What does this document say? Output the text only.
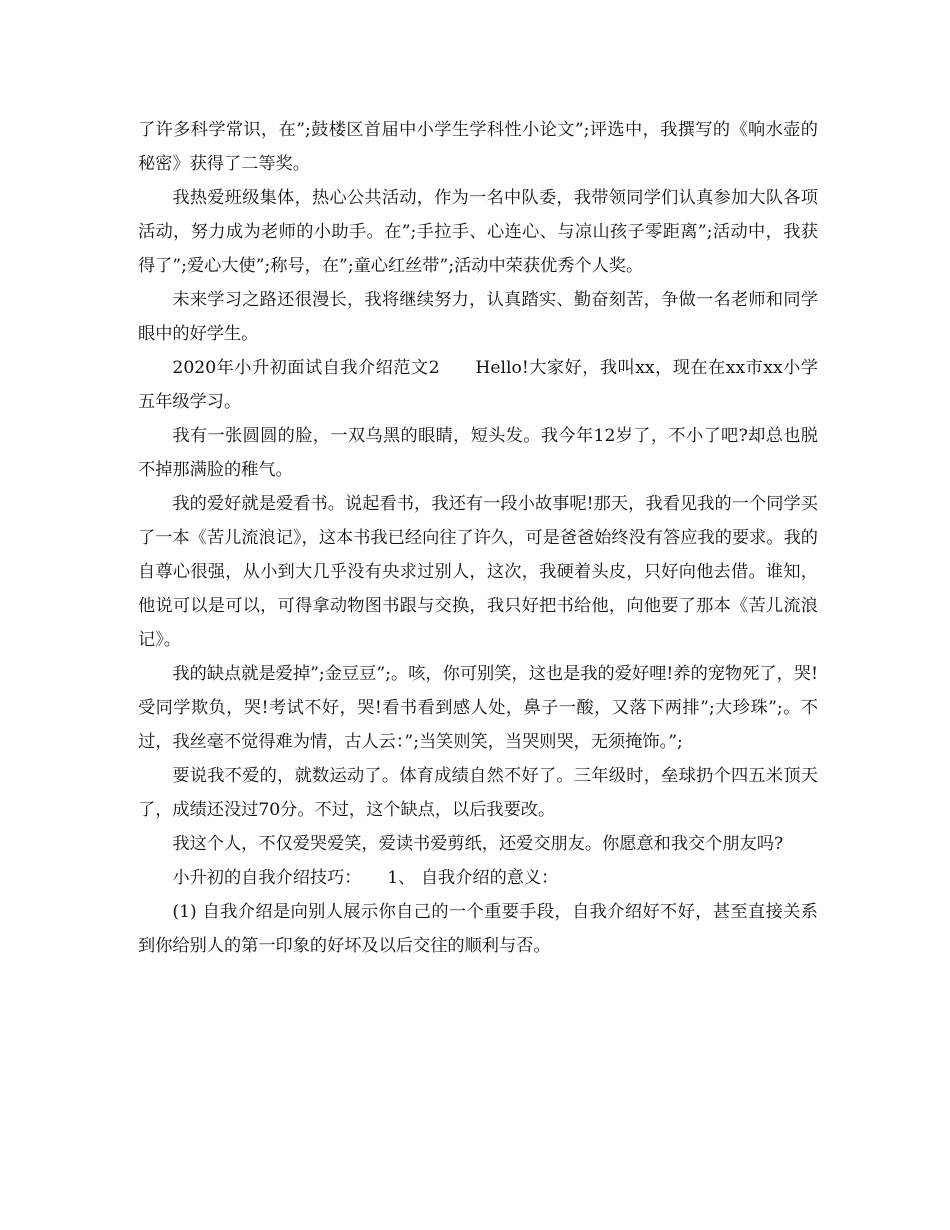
了许多科学常识，在”;鼓楼区首届中小学生学科性小论文”;评选中，我撰写的《响水壶的秘密》获得了二等奖。

我热爱班级集体，热心公共活动，作为一名中队委，我带领同学们认真参加大队各项活动，努力成为老师的小助手。在”;手拉手、心连心、与凉山孩子零距离”;活动中，我获得了”;爱心大使”;称号，在”;童心红丝带”;活动中荣获优秀个人奖。

未来学习之路还很漫长，我将继续努力，认真踏实、勤奋刻苦，争做一名老师和同学眼中的好学生。

2020年小升初面试自我介绍范文2　　Hello!大家好，我叫xx，现在在xx市xx小学五年级学习。

我有一张圆圆的脸，一双乌黑的眼睛，短头发。我今年12岁了，不小了吧?却总也脱不掉那满脸的稚气。

我的爱好就是爱看书。说起看书，我还有一段小故事呢!那天，我看见我的一个同学买了一本《苦儿流浪记》，这本书我已经向往了许久，可是爸爸始终没有答应我的要求。我的自尊心很强，从小到大几乎没有央求过别人，这次，我硬着头皮，只好向他去借。谁知，他说可以是可以，可得拿动物图书跟与交换，我只好把书给他，向他要了那本《苦儿流浪记》。

我的缺点就是爱掉”;金豆豆”;。咳，你可别笑，这也是我的爱好哩!养的宠物死了，哭!受同学欺负，哭!考试不好，哭!看书看到感人处，鼻子一酸，又落下两排”;大珍珠”;。不过，我丝毫不觉得难为情，古人云：”;当笑则笑，当哭则哭，无须掩饰。”;

要说我不爱的，就数运动了。体育成绩自然不好了。三年级时，垒球扔个四五米顶天了，成绩还没过70分。不过，这个缺点，以后我要改。

我这个人，不仅爱哭爱笑，爱读书爱剪纸，还爱交朋友。你愿意和我交个朋友吗?

小升初的自我介绍技巧：　　1、 自我介绍的意义：

(1) 自我介绍是向别人展示你自己的一个重要手段，自我介绍好不好，甚至直接关系到你给别人的第一印象的好坏及以后交往的顺利与否。
